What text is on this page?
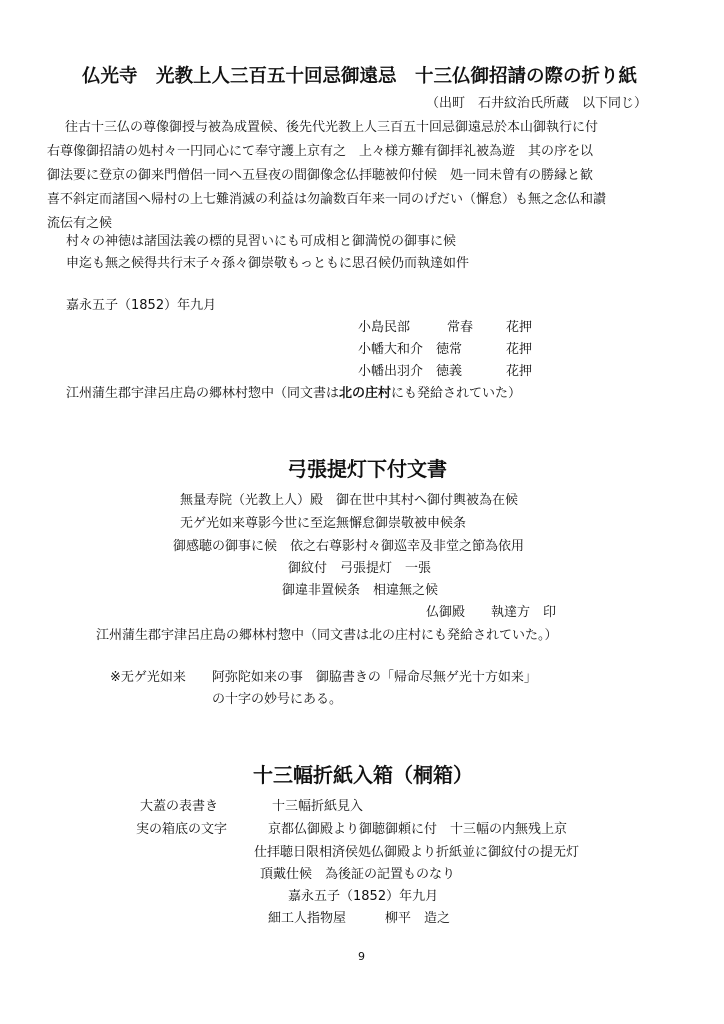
仏光寺　光教上人三百五十回忌御遠忌　十三仏御招請の際の折り紙
（出町　石井紋治氏所蔵　以下同じ）
　往古十三仏の尊像御授与被為成置候、後先代光教上人三百五十回忌御遠忌於本山御執行に付
右尊像御招請の処村々一円同心にて奉守護上京有之　上々様方難有御拝礼被為遊　其の序を以
御法要に登京の御来門僧侶一同へ五昼夜の間御像念仏拝聴被仰付候　処一同未曾有の勝縁と歓
喜不斜定而諸国へ帰村の上七難消滅の利益は勿論数百年来一同のげだい（懈怠）も無之念仏和讃
流伝有之候
村々の神徳は諸国法義の標的見習いにも可成相と御満悦の御事に候
申迄も無之候得共行末子々孫々御崇敬もっともに思召候仍而執達如件
嘉永五子（1852）年九月
小島民部	常春	花押
小幡大和介 徳常	花押
小幡出羽介 徳義	花押
江州蒲生郡宇津呂庄島の郷林村惣中（同文書は北の庄村にも発給されていた）
弓張提灯下付文書
無量寿院（光教上人）殿　御在世中其村へ御付輿被為在候
无ゲ光如来尊影今世に至迄無懈怠御崇敬被申候条
御感聴の御事に候　依之右尊影村々御巡幸及非堂之節為依用
御紋付　弓張提灯　一張
御違非置候条　相違無之候
仏御殿　　執達方　印
江州蒲生郡宇津呂庄島の郷林村惣中（同文書は北の庄村にも発給されていた。）
※无ゲ光如来　　阿弥陀如来の事　御脇書きの「帰命尽無ゲ光十方如来」
の十字の妙号にある。
十三幅折紙入箱（桐箱）
大蓋の表書き	十三幅折紙見入
実の箱底の文字	京都仏御殿より御聴御頼に付　十三幅の内無残上京
仕拝聴日限相済侯処仏御殿より折紙並に御紋付の提无灯
頂戴仕候　為後証の記置ものなり
嘉永五子（1852）年九月
細工人指物屋　　　柳平　造之
9
